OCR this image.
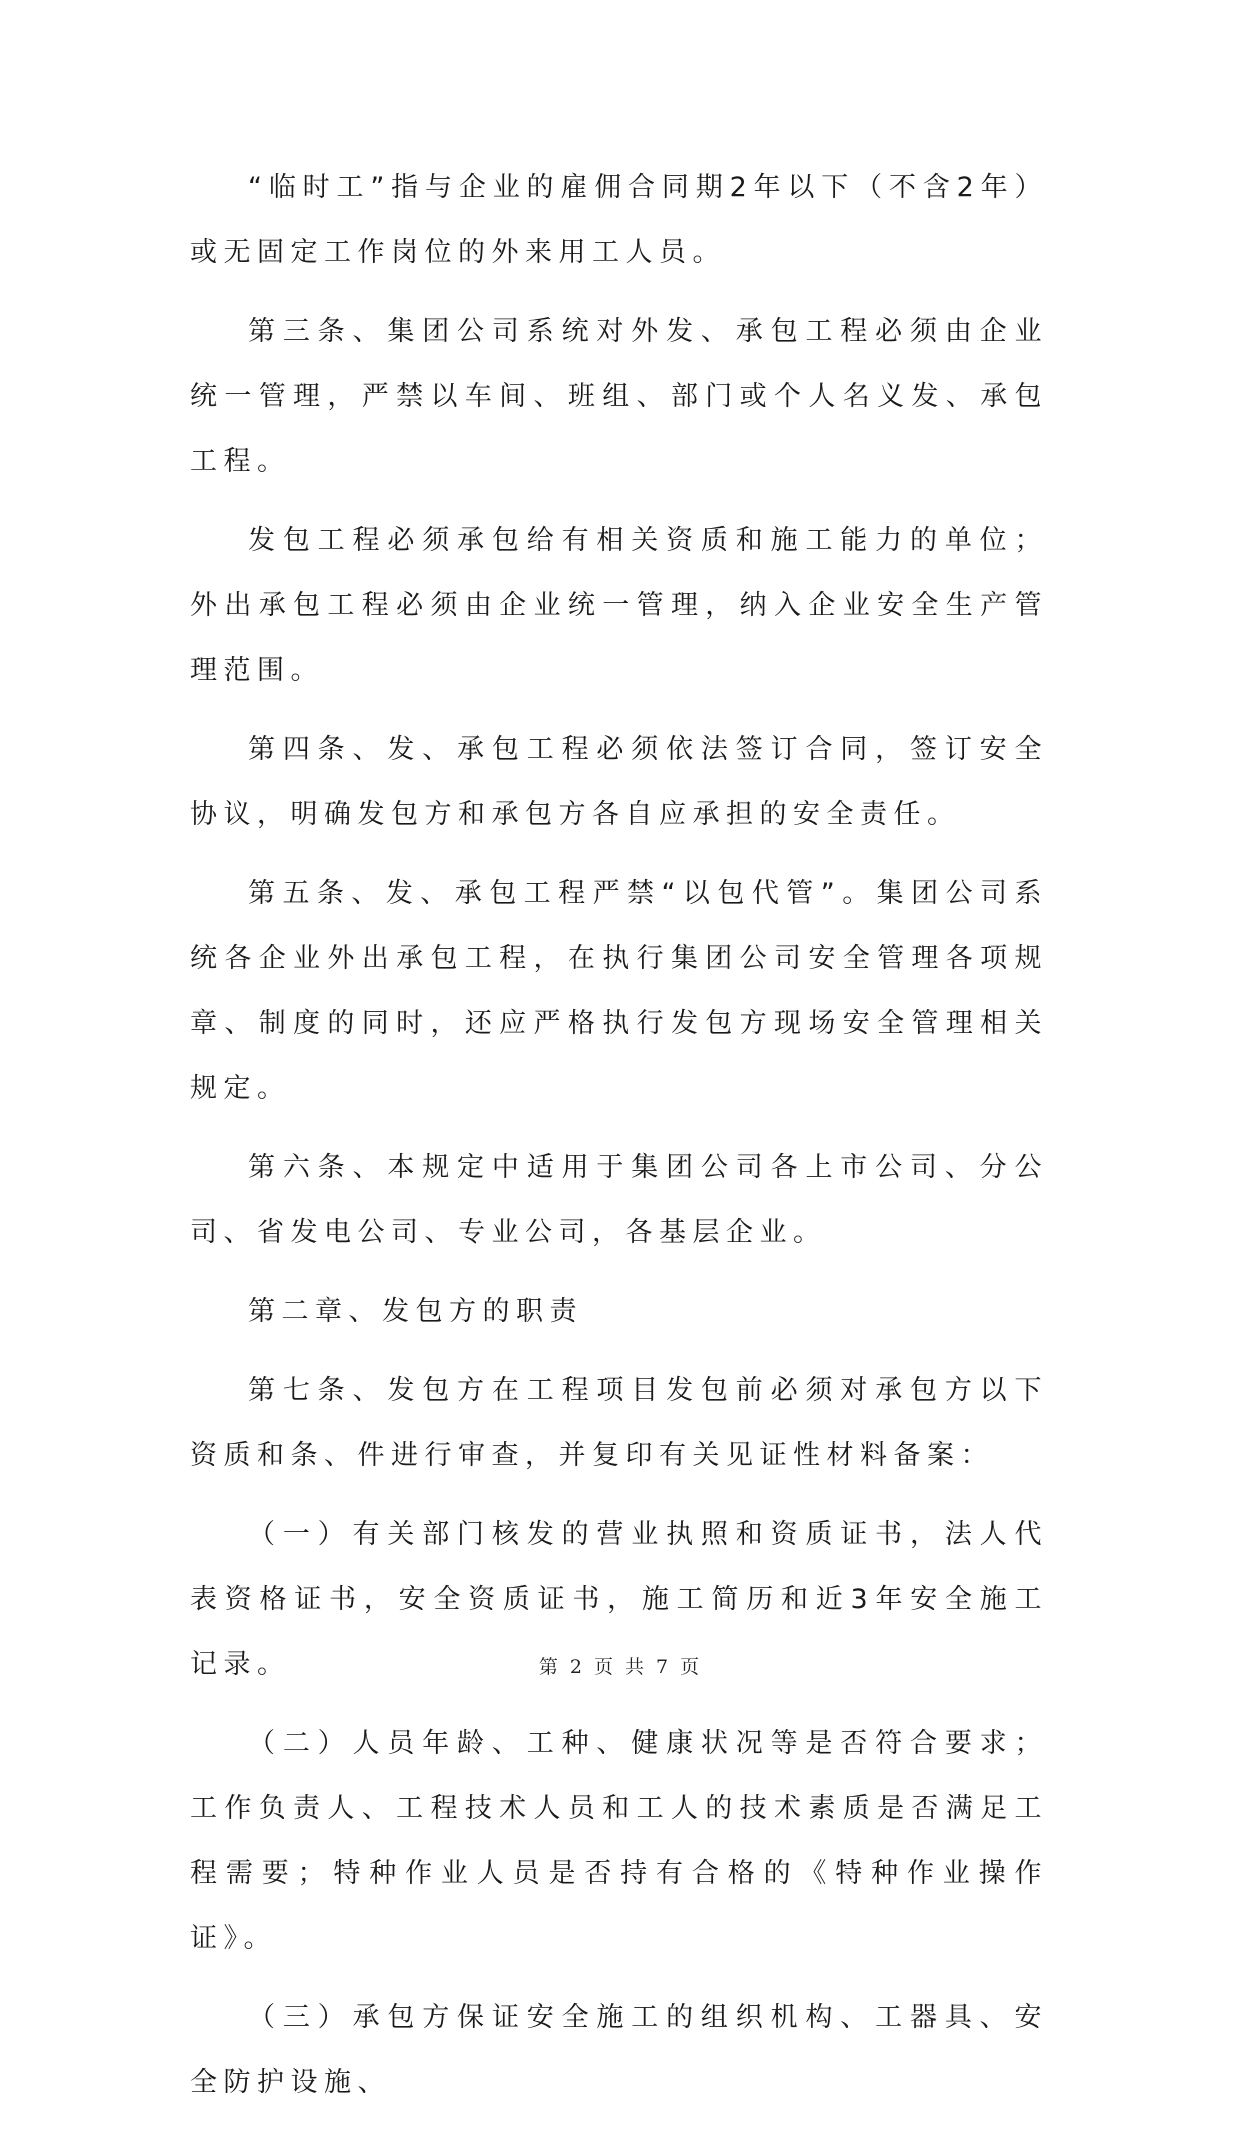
“临时工”指与企业的雇佣合同期2年以下（不含2年）或无固定工作岗位的外来用工人员。

第三条、集团公司系统对外发、承包工程必须由企业统一管理，严禁以车间、班组、部门或个人名义发、承包工程。

发包工程必须承包给有相关资质和施工能力的单位；外出承包工程必须由企业统一管理，纳入企业安全生产管理范围。

第四条、发、承包工程必须依法签订合同，签订安全协议，明确发包方和承包方各自应承担的安全责任。

第五条、发、承包工程严禁“以包代管”。集团公司系统各企业外出承包工程，在执行集团公司安全管理各项规章、制度的同时，还应严格执行发包方现场安全管理相关规定。

第六条、本规定中适用于集团公司各上市公司、分公司、省发电公司、专业公司，各基层企业。

第二章、发包方的职责

第七条、发包方在工程项目发包前必须对承包方以下资质和条、件进行审查，并复印有关见证性材料备案：

（一）有关部门核发的营业执照和资质证书，法人代表资格证书，安全资质证书，施工简历和近3年安全施工记录。

（二）人员年龄、工种、健康状况等是否符合要求；工作负责人、工程技术人员和工人的技术素质是否满足工程需要；特种作业人员是否持有合格的《特种作业操作证》。

（三）承包方保证安全施工的组织机构、工器具、安全防护设施、

第 2 页 共 7 页
